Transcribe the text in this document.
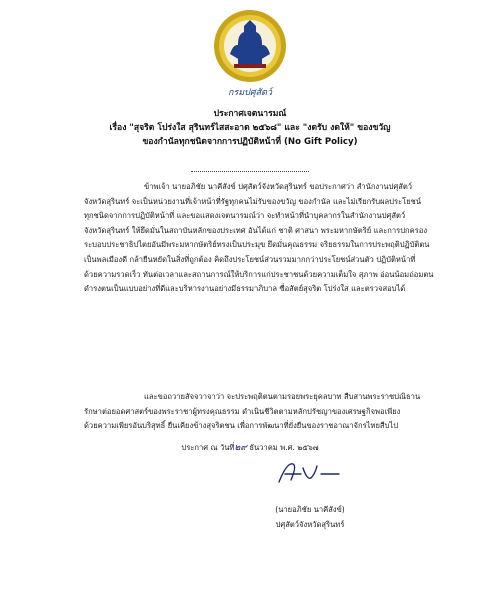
กรมปศุสัตว์
ประกาศเจตนารมณ์
เรื่อง "สุจริต โปร่งใส สุรินทร์ไสสะอาด ๒๕๖๘" และ "งดรับ งดให้" ของขวัญ
ของกำนัลทุกชนิดจากการปฏิบัติหน้าที่ (No Gift Policy)

ข้าพเจ้า นายอภิชัย นาคีสังข์ ปศุสัตว์จังหวัดสุรินทร์ ขอประกาศว่า สำนักงานปศุสัตว์

จังหวัดสุรินทร์ จะเป็นหน่วยงานที่เจ้าหน้าที่รัฐทุกคนไม่รับของขวัญ ของกำนัล และไม่เรียกรับผลประโยชน์

ทุกชนิดจากการปฏิบัติหน้าที่ และขอแสดงเจตนารมณ์ว่า จะทำหน้าที่นำบุคลากรในสำนักงานปศุสัตว์

จังหวัดสุรินทร์ ให้ยึดมั่นในสถาบันหลักของประเทศ อันได้แก่ ชาติ ศาสนา พระมหากษัตริย์ และการปกครอง

ระบอบประชาธิปไตยอันมีพระมหากษัตริย์ทรงเป็นประมุข ยึดมั่นคุณธรรม จริยธรรมในการประพฤติปฏิบัติตน

เป็นพลเมืองดี กล้ายืนหยัดในสิ่งที่ถูกต้อง คิดถึงประโยชน์ส่วนรวมมากกว่าประโยชน์ส่วนตัว ปฏิบัติหน้าที่

ด้วยความรวดเร็ว ทันต่อเวลาและสถานการณ์ให้บริการแก่ประชาชนด้วยความเต็มใจ สุภาพ อ่อนน้อมถ่อมตน

ดำรงตนเป็นแบบอย่างที่ดีและบริหารงานอย่างมีธรรมาภิบาล ซื่อสัตย์สุจริต โปร่งใส และตรวจสอบได้

และขอถวายสัจจวาจาว่า จะประพฤติตนตามรอยพระยุคลบาท สืบสานพระราชปณิธาน

รักษาต่อยอดศาสตร์ของพระราชาผู้ทรงคุณธรรม ดำเนินชีวิตตามหลักปรัชญาของเศรษฐกิจพอเพียง

ด้วยความเพียรอันบริสุทธิ์ ยืนเคียงข้างสุจริตชน เพื่อการพัฒนาที่ยั่งยืนของราชอาณาจักรไทยสืบไป

ประกาศ ณ วันที่๒๙ ธันวาคม พ.ศ. ๒๕๖๗
(นายอภิชัย นาคีสังข์)
ปศุสัตว์จังหวัดสุรินทร์
